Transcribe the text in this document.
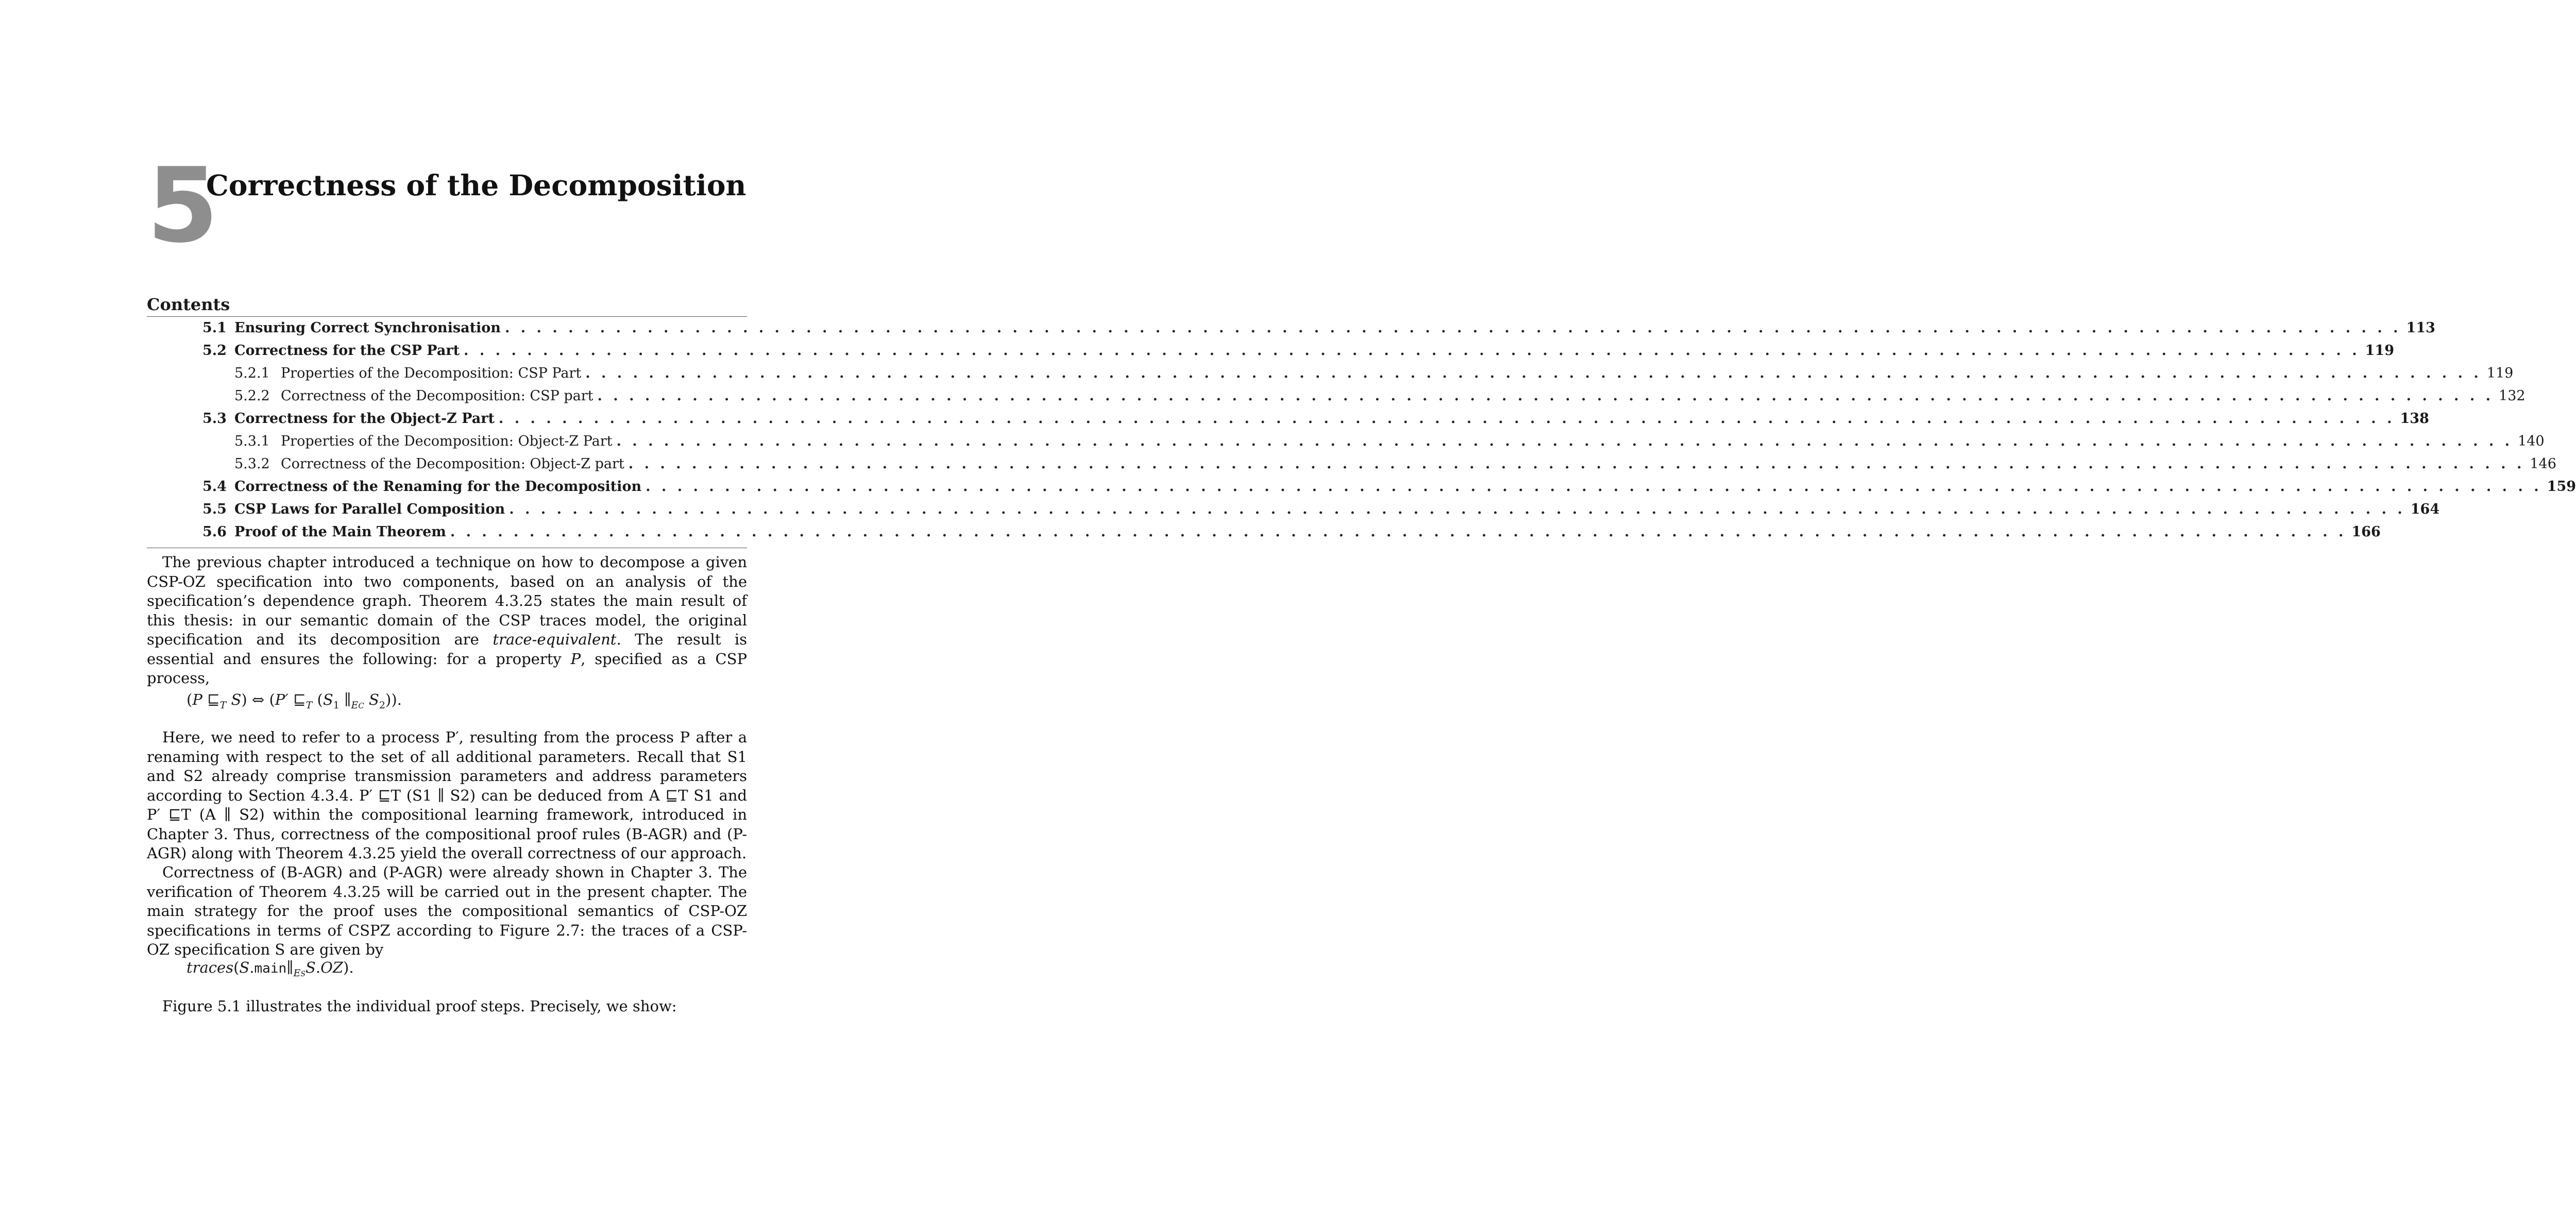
5
Correctness of the Decomposition
Contents
5.1 Ensuring Correct Synchronisation . . . . . . . . . . . . . . . . . . . . . . . . . . . . . . . . . . . . . . . . . . . . . . . . . . . . . . . . . . . . . . . . . . . . . . . . . . . . . . . . . . . . . . . . . . . . . . . . . . . . . . . . . . . . . . . . . . . . . . . . 113
5.2 Correctness for the CSP Part . . . . . . . . . . . . . . . . . . . . . . . . . . . . . . . . . . . . . . . . . . . . . . . . . . . . . . . . . . . . . . . . . . . . . . . . . . . . . . . . . . . . . . . . . . . . . . . . . . . . . . . . . . . . . . . . . . . . . . . . 119
5.2.1 Properties of the Decomposition: CSP Part . . . . . . . . . . . . . . . . . . . . . . . . . . . . . . . . . . . . . . . . . . . . . . . . . . . . . . . . . . . . . . . . . . . . . . . . . . . . . . . . . . . . . . . . . . . . . . . . . . . . . . . . . . . . . . . . . . . . . . . . 119
5.2.2 Correctness of the Decomposition: CSP part . . . . . . . . . . . . . . . . . . . . . . . . . . . . . . . . . . . . . . . . . . . . . . . . . . . . . . . . . . . . . . . . . . . . . . . . . . . . . . . . . . . . . . . . . . . . . . . . . . . . . . . . . . . . . . . . . . . . . . . . 132
5.3 Correctness for the Object-Z Part . . . . . . . . . . . . . . . . . . . . . . . . . . . . . . . . . . . . . . . . . . . . . . . . . . . . . . . . . . . . . . . . . . . . . . . . . . . . . . . . . . . . . . . . . . . . . . . . . . . . . . . . . . . . . . . . . . . . . . . . 138
5.3.1 Properties of the Decomposition: Object-Z Part . . . . . . . . . . . . . . . . . . . . . . . . . . . . . . . . . . . . . . . . . . . . . . . . . . . . . . . . . . . . . . . . . . . . . . . . . . . . . . . . . . . . . . . . . . . . . . . . . . . . . . . . . . . . . . . . . . . . . . . . 140
5.3.2 Correctness of the Decomposition: Object-Z part . . . . . . . . . . . . . . . . . . . . . . . . . . . . . . . . . . . . . . . . . . . . . . . . . . . . . . . . . . . . . . . . . . . . . . . . . . . . . . . . . . . . . . . . . . . . . . . . . . . . . . . . . . . . . . . . . . . . . . . . 146
5.4 Correctness of the Renaming for the Decomposition . . . . . . . . . . . . . . . . . . . . . . . . . . . . . . . . . . . . . . . . . . . . . . . . . . . . . . . . . . . . . . . . . . . . . . . . . . . . . . . . . . . . . . . . . . . . . . . . . . . . . . . . . . . . . . . . . . . . . . . . 159
5.5 CSP Laws for Parallel Composition . . . . . . . . . . . . . . . . . . . . . . . . . . . . . . . . . . . . . . . . . . . . . . . . . . . . . . . . . . . . . . . . . . . . . . . . . . . . . . . . . . . . . . . . . . . . . . . . . . . . . . . . . . . . . . . . . . . . . . . . 164
5.6 Proof of the Main Theorem . . . . . . . . . . . . . . . . . . . . . . . . . . . . . . . . . . . . . . . . . . . . . . . . . . . . . . . . . . . . . . . . . . . . . . . . . . . . . . . . . . . . . . . . . . . . . . . . . . . . . . . . . . . . . . . . . . . . . . . . 166

The previous chapter introduced a technique on how to decompose a given CSP-OZ specification into two components, based on an analysis of the specification’s dependence graph. Theorem 4.3.25 states the main result of this thesis: in our semantic domain of the CSP traces model, the original specification and its decomposition are trace-equivalent. The result is essential and ensures the following: for a property P, specified as a CSP process,

(P $⊑_T$ S) ⇔ (P′ $⊑_T$ ($S_1$ $\parallel_{EC}$ $S_2$)).

Here, we need to refer to a process P′, resulting from the process P after a renaming with respect to the set of all additional parameters. Recall that S1 and S2 already comprise transmission parameters and address parameters according to Section 4.3.4. P′ ⊑T (S1 ∥ S2) can be deduced from A ⊑T S1 and P′ ⊑T (A ∥ S2) within the compositional learning framework, introduced in Chapter 3. Thus, correctness of the compositional proof rules (B-AGR) and (P-AGR) along with Theorem 4.3.25 yield the overall correctness of our approach.

Correctness of (B-AGR) and (P-AGR) were already shown in Chapter 3. The verification of Theorem 4.3.25 will be carried out in the present chapter. The main strategy for the proof uses the compositional semantics of CSP-OZ specifications in terms of CSPZ according to Figure 2.7: the traces of a CSP-OZ specification S are given by

$traces(S.main\parallel_{ES}S.OZ)$.

Figure 5.1 illustrates the individual proof steps. Precisely, we show:
